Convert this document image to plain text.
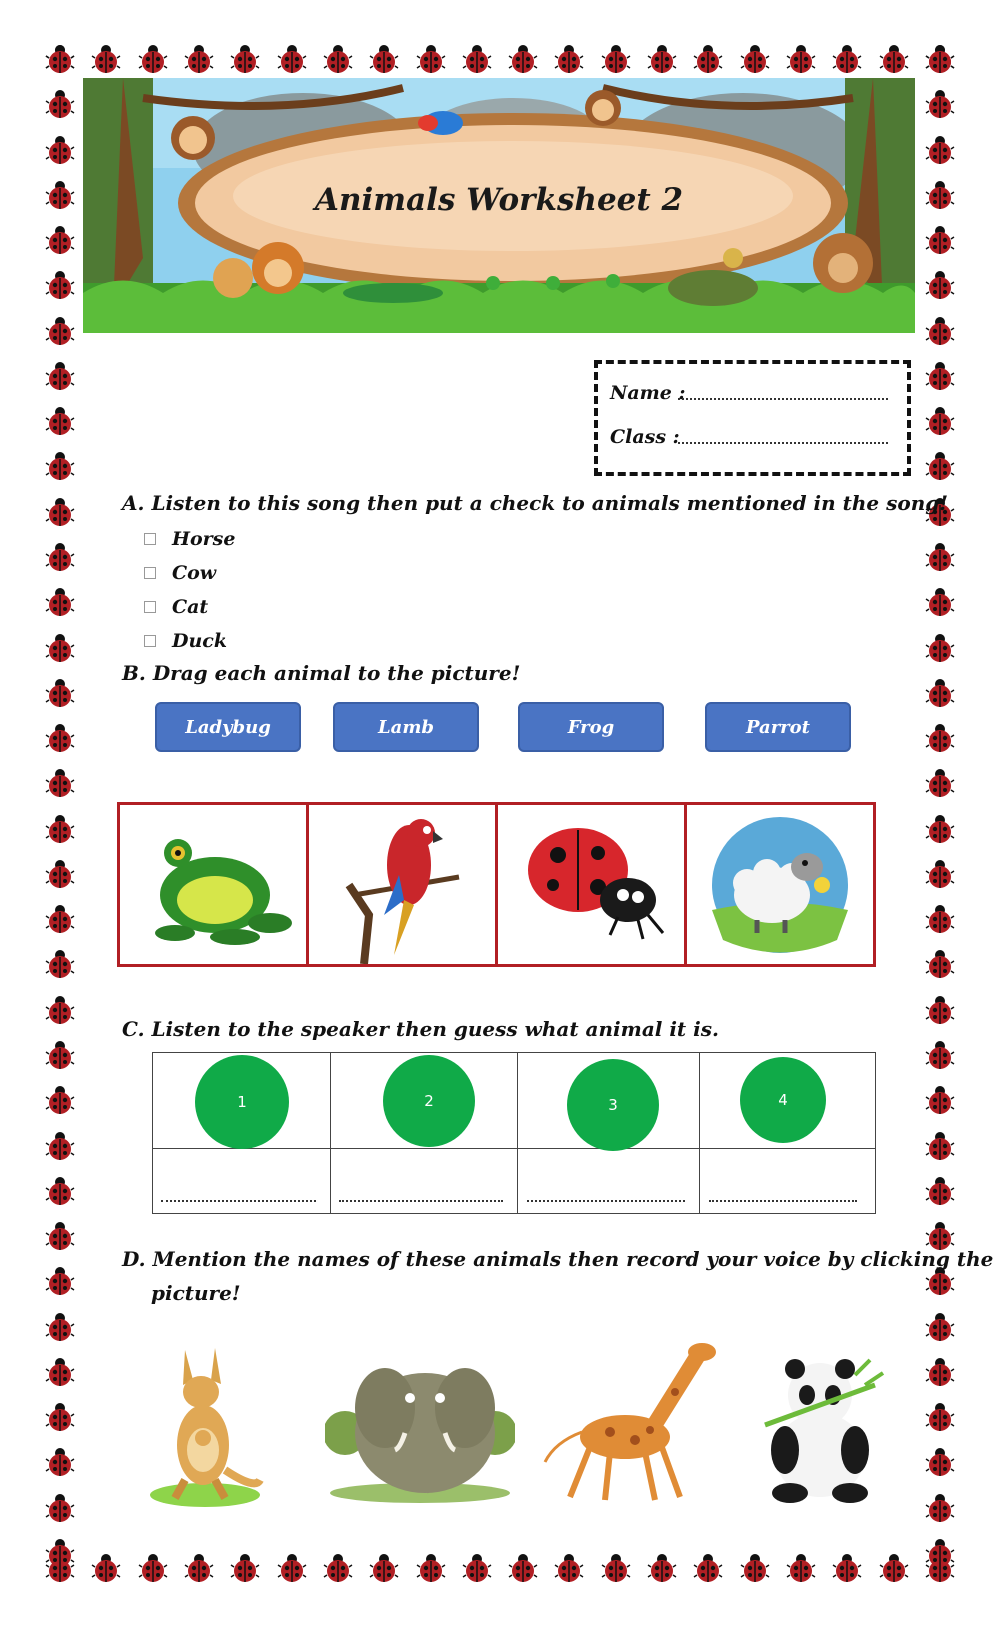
Animals Worksheet 2
Name :
Class :
A. Listen to this song then put a check to animals mentioned in the song!
Horse
Cow
Cat
Duck
B. Drag each animal to the picture!
Ladybug	Lamb	Frog	Parrot
C. Listen to the speaker then guess what animal it is.
1	2	3	4
D. Mention the names of these animals then record your voice by clicking the
picture!
